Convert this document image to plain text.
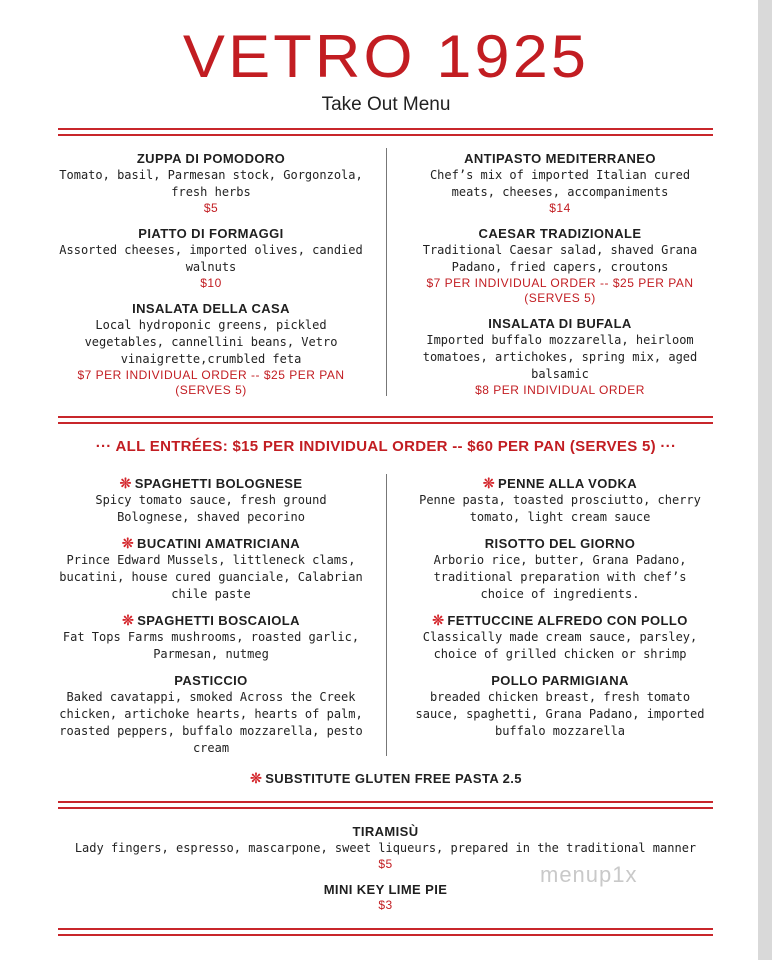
VETRO 1925
Take Out Menu
ZUPPA DI POMODORO
Tomato, basil, Parmesan stock, Gorgonzola, fresh herbs
$5
PIATTO DI FORMAGGI
Assorted cheeses, imported olives, candied walnuts
$10
INSALATA DELLA CASA
Local hydroponic greens, pickled vegetables, cannellini beans, Vetro vinaigrette,crumbled feta
$7 PER INDIVIDUAL ORDER -- $25 PER PAN (SERVES 5)
ANTIPASTO MEDITERRANEO
Chef’s mix of imported Italian cured meats, cheeses, accompaniments
$14
CAESAR TRADIZIONALE
Traditional Caesar salad, shaved Grana Padano, fried capers, croutons
$7 PER INDIVIDUAL ORDER -- $25 PER PAN (SERVES 5)
INSALATA DI BUFALA
Imported buffalo mozzarella, heirloom tomatoes, artichokes, spring mix, aged balsamic
$8 PER INDIVIDUAL ORDER
··· ALL ENTRÉES: $15 PER INDIVIDUAL ORDER -- $60 PER PAN (SERVES 5) ···
❊ SPAGHETTI BOLOGNESE
Spicy tomato sauce, fresh ground Bolognese, shaved pecorino
❊ BUCATINI AMATRICIANA
Prince Edward Mussels, littleneck clams, bucatini, house cured guanciale, Calabrian chile paste
❊ SPAGHETTI BOSCAIOLA
Fat Tops Farms mushrooms, roasted garlic, Parmesan, nutmeg
PASTICCIO
Baked cavatappi, smoked Across the Creek chicken, artichoke hearts, hearts of palm, roasted peppers, buffalo mozzarella, pesto cream
❊ PENNE ALLA VODKA
Penne pasta, toasted prosciutto, cherry tomato, light cream sauce
RISOTTO DEL GIORNO
Arborio rice, butter, Grana Padano, traditional preparation with chef’s choice of ingredients.
❊ FETTUCCINE ALFREDO CON POLLO
Classically made cream sauce, parsley, choice of grilled chicken or shrimp
POLLO PARMIGIANA
breaded chicken breast, fresh tomato sauce, spaghetti, Grana Padano, imported buffalo mozzarella
❊ SUBSTITUTE GLUTEN FREE PASTA 2.5
TIRAMISÙ
Lady fingers, espresso, mascarpone, sweet liqueurs, prepared in the traditional manner
$5
MINI KEY LIME PIE
$3
menup1x
